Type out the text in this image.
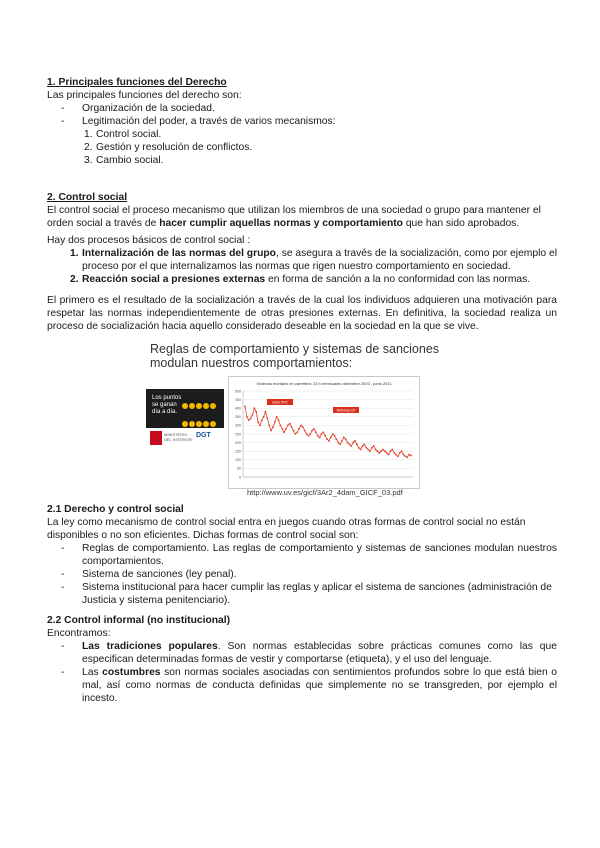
1. Principales funciones del Derecho

Las principales funciones del derecho son:

- Organización de la sociedad.

- Legitimación del poder, a través de varios mecanismos:

1. Control social.

2. Gestión y resolución de conflictos.

3. Cambio social.

2. Control social

El control social el proceso mecanismo que utilizan los miembros de una sociedad o grupo para mantener el orden social a través de hacer cumplir aquellas normas y comportamiento que han sido aprobados.

Hay dos procesos básicos de control social :

1. Internalización de las normas del grupo, se asegura a través de la socialización, como por ejemplo el proceso por el que internalizamos las normas que rigen nuestro comportamiento en sociedad.

2. Reacción social a presiones externas en forma de sanción a la no conformidad con las normas.

El primero es el resultado de la socialización a través de la cual los individuos adquieren una motivación para respetar las normas independientemente de otras presiones externas. En definitiva, la sociedad realiza un proceso de socialización hacia aquello considerado deseable en la sociedad en la que se vive.

Reglas de comportamiento y sistemas de sanciones
modulan nuestros comportamientos:
Los puntos
se ganan
día a día.

MINISTERIO
DEL INTERIOR
DGT
Víctimas mortales en carretera: 24 h mensuales diciembre 2003 - junio 2011
0
50
100
150
200
250
300
350
400
450
500
Inicio PPC
Reforma CP
http://www.uv.es/gicf/3Ar2_4dam_GICF_03.pdf
2.1 Derecho y control social

La ley como mecanismo de control social entra en juegos cuando otras formas de control social no están disponibles o no son eficientes. Dichas formas de control social son:

- Reglas de comportamiento. Las reglas de comportamiento y sistemas de sanciones modulan nuestros comportamientos.

- Sistema de sanciones (ley penal).

- Sistema institucional para hacer cumplir las reglas y aplicar el sistema de sanciones (administración de Justicia y sistema penitenciario).

2.2 Control informal (no institucional)

Encontramos:

- Las tradiciones populares. Son normas establecidas sobre prácticas comunes como las que especifican determinadas formas de vestir y comportarse (etiqueta), y el uso del lenguaje.

- Las costumbres son normas sociales asociadas con sentimientos profundos sobre lo que está bien o mal, así como normas de conducta definidas que simplemente no se transgreden, por ejemplo el incesto.
